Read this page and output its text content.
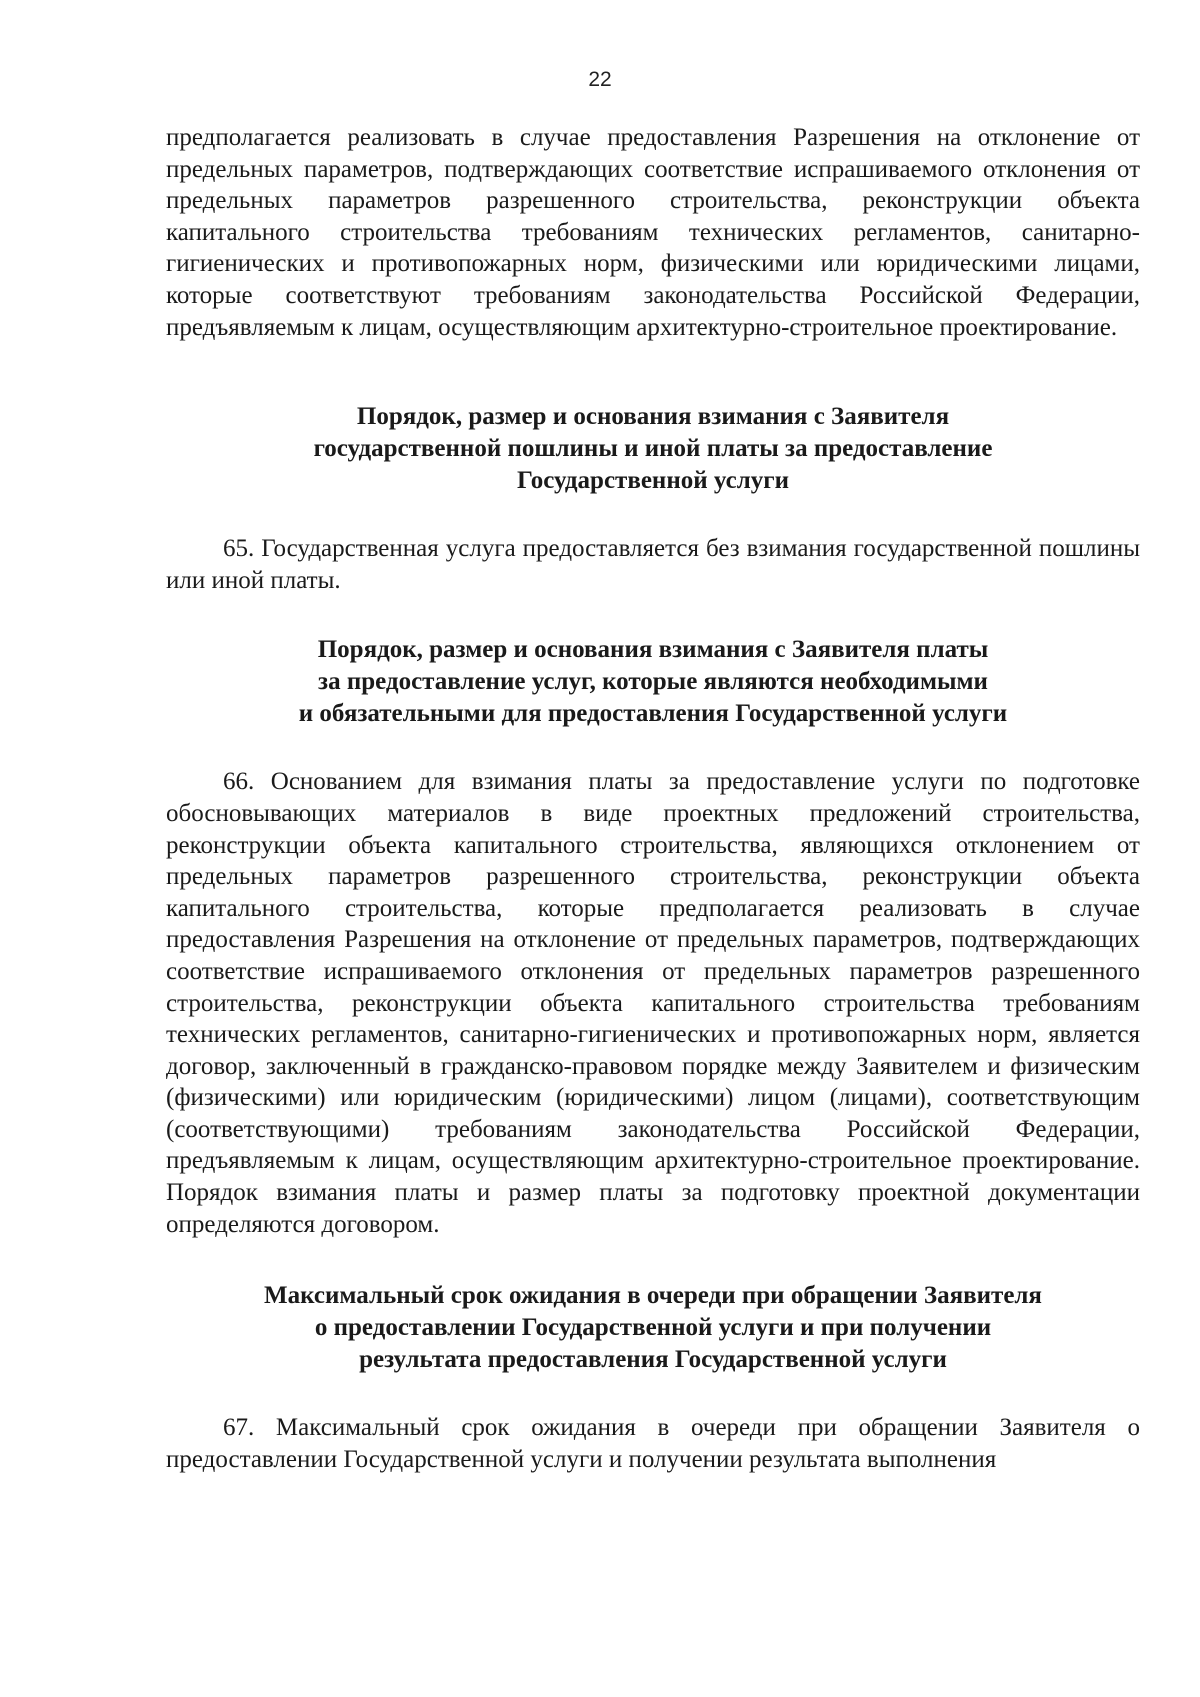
22

предполагается реализовать в случае предоставления Разрешения на отклонение от предельных параметров, подтверждающих соответствие испрашиваемого отклонения от предельных параметров разрешенного строительства, реконструкции объекта капитального строительства требованиям технических регламентов, санитарно-гигиенических и противопожарных норм, физическими или юридическими лицами, которые соответствуют требованиям законодательства Российской Федерации, предъявляемым к лицам, осуществляющим архитектурно-строительное проектирование.

Порядок, размер и основания взимания с Заявителя
государственной пошлины и иной платы за предоставление
Государственной услуги

65. Государственная услуга предоставляется без взимания государственной пошлины или иной платы.

Порядок, размер и основания взимания с Заявителя платы
за предоставление услуг, которые являются необходимыми
и обязательными для предоставления Государственной услуги

66. Основанием для взимания платы за предоставление услуги по подготовке обосновывающих материалов в виде проектных предложений строительства, реконструкции объекта капитального строительства, являющихся отклонением от предельных параметров разрешенного строительства, реконструкции объекта капитального строительства, которые предполагается реализовать в случае предоставления Разрешения на отклонение от предельных параметров, подтверждающих соответствие испрашиваемого отклонения от предельных параметров разрешенного строительства, реконструкции объекта капитального строительства требованиям технических регламентов, санитарно-гигиенических и противопожарных норм, является договор, заключенный в гражданско-правовом порядке между Заявителем и физическим (физическими) или юридическим (юридическими) лицом (лицами), соответствующим (соответствующими) требованиям законодательства Российской Федерации, предъявляемым к лицам, осуществляющим архитектурно-строительное проектирование. Порядок взимания платы и размер платы за подготовку проектной документации определяются договором.

Максимальный срок ожидания в очереди при обращении Заявителя
о предоставлении Государственной услуги и при получении
результата предоставления Государственной услуги

67. Максимальный срок ожидания в очереди при обращении Заявителя о предоставлении Государственной услуги и получении результата выполнения
